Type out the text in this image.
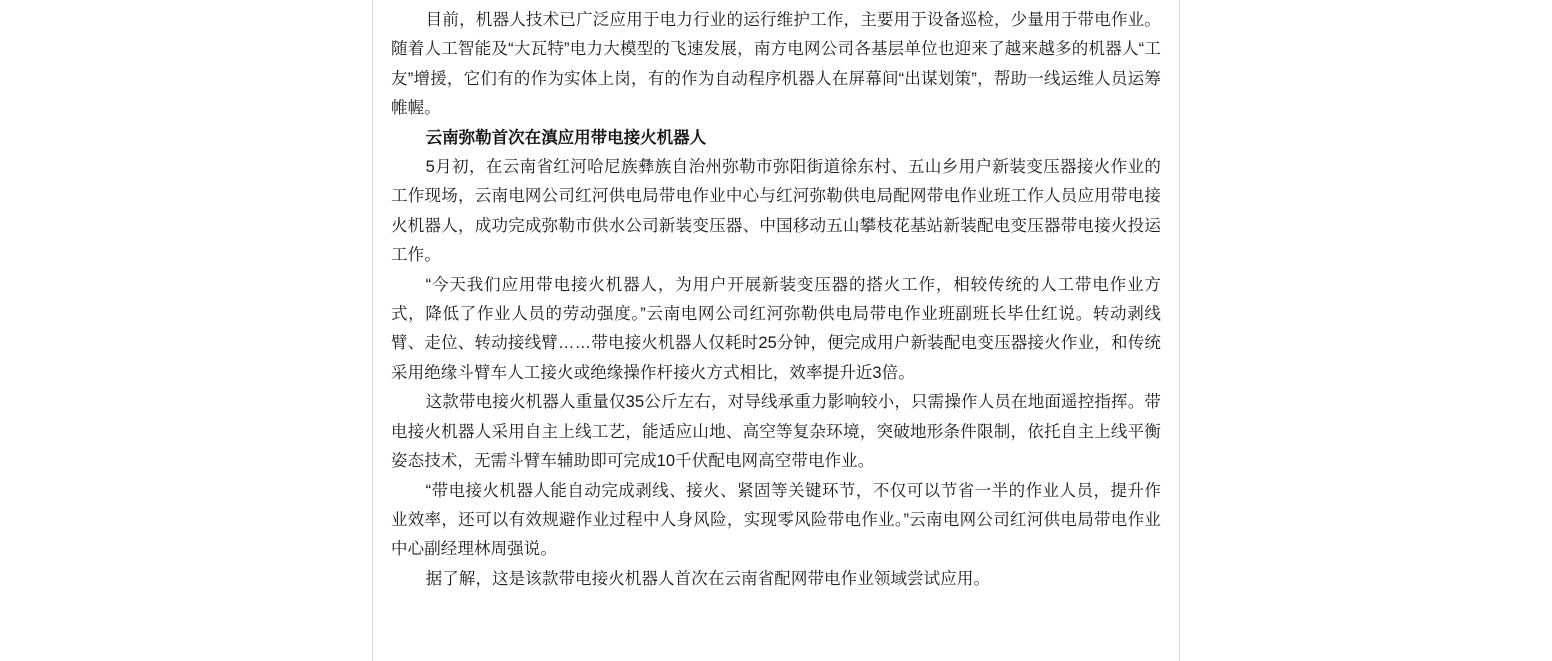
目前，机器人技术已广泛应用于电力行业的运行维护工作，主要用于设备巡检，少量用于带电作业。随着人工智能及“大瓦特”电力大模型的飞速发展，南方电网公司各基层单位也迎来了越来越多的机器人“工友”增援，它们有的作为实体上岗，有的作为自动程序机器人在屏幕间“出谋划策”，帮助一线运维人员运筹帷幄。

云南弥勒首次在滇应用带电接火机器人

5月初，在云南省红河哈尼族彝族自治州弥勒市弥阳街道徐东村、五山乡用户新装变压器接火作业的工作现场，云南电网公司红河供电局带电作业中心与红河弥勒供电局配网带电作业班工作人员应用带电接火机器人，成功完成弥勒市供水公司新装变压器、中国移动五山攀枝花基站新装配电变压器带电接火投运工作。

“今天我们应用带电接火机器人，为用户开展新装变压器的搭火工作，相较传统的人工带电作业方式，降低了作业人员的劳动强度。”云南电网公司红河弥勒供电局带电作业班副班长毕仕红说。转动剥线臂、走位、转动接线臂……带电接火机器人仅耗时25分钟，便完成用户新装配电变压器接火作业，和传统采用绝缘斗臂车人工接火或绝缘操作杆接火方式相比，效率提升近3倍。

这款带电接火机器人重量仅35公斤左右，对导线承重力影响较小，只需操作人员在地面遥控指挥。带电接火机器人采用自主上线工艺，能适应山地、高空等复杂环境，突破地形条件限制，依托自主上线平衡姿态技术，无需斗臂车辅助即可完成10千伏配电网高空带电作业。

“带电接火机器人能自动完成剥线、接火、紧固等关键环节，不仅可以节省一半的作业人员，提升作业效率，还可以有效规避作业过程中人身风险，实现零风险带电作业。”云南电网公司红河供电局带电作业中心副经理林周强说。

据了解，这是该款带电接火机器人首次在云南省配网带电作业领域尝试应用。
